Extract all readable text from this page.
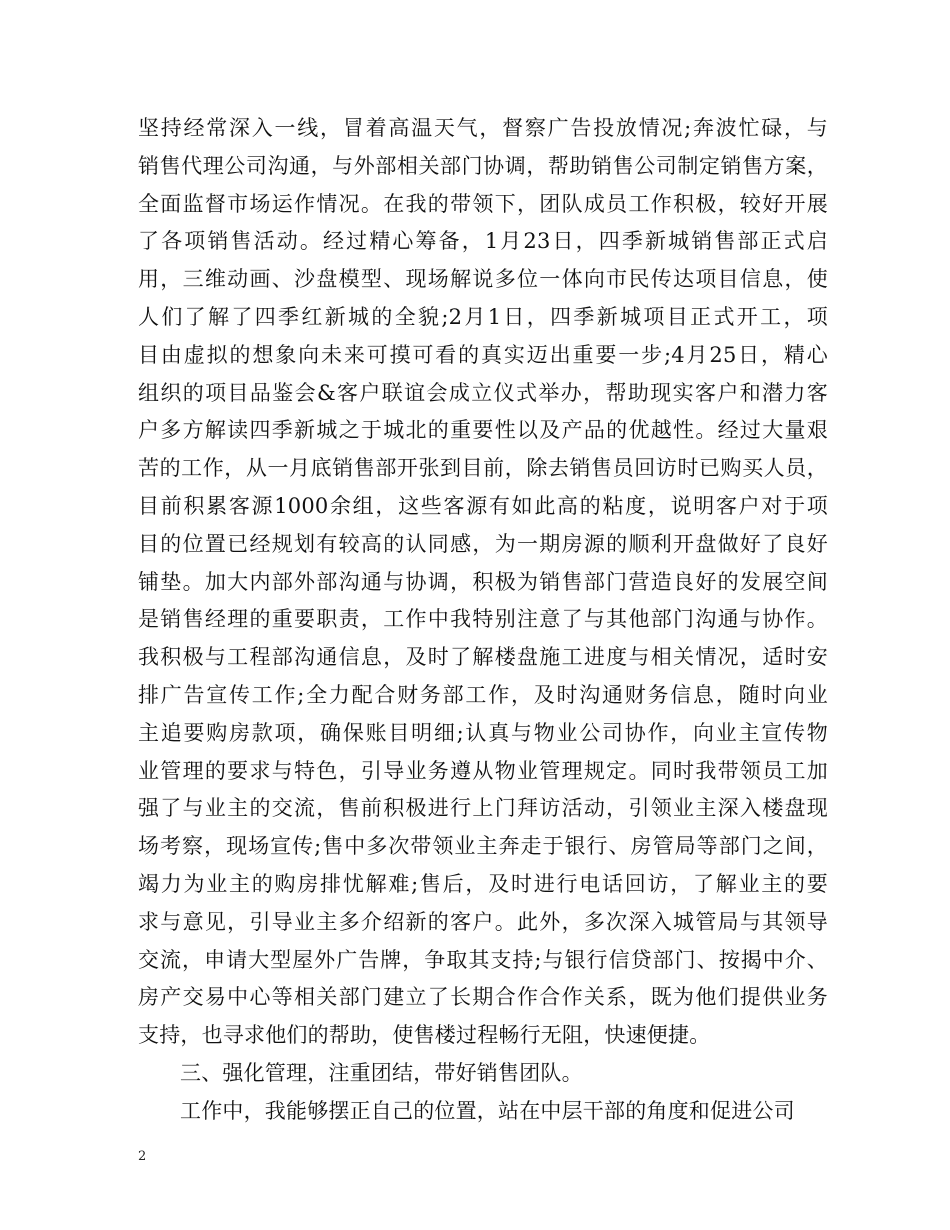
坚持经常深入一线，冒着高温天气，督察广告投放情况;奔波忙碌，与
销售代理公司沟通，与外部相关部门协调，帮助销售公司制定销售方案，
全面监督市场运作情况。在我的带领下，团队成员工作积极，较好开展
了各项销售活动。经过精心筹备，1月23日，四季新城销售部正式启
用，三维动画、沙盘模型、现场解说多位一体向市民传达项目信息，使
人们了解了四季红新城的全貌;2月1日，四季新城项目正式开工，项
目由虚拟的想象向未来可摸可看的真实迈出重要一步;4月25日，精心
组织的项目品鉴会&客户联谊会成立仪式举办，帮助现实客户和潜力客
户多方解读四季新城之于城北的重要性以及产品的优越性。经过大量艰
苦的工作，从一月底销售部开张到目前，除去销售员回访时已购买人员，
目前积累客源1000余组，这些客源有如此高的粘度，说明客户对于项
目的位置已经规划有较高的认同感，为一期房源的顺利开盘做好了良好
铺垫。加大内部外部沟通与协调，积极为销售部门营造良好的发展空间
是销售经理的重要职责，工作中我特别注意了与其他部门沟通与协作。
我积极与工程部沟通信息，及时了解楼盘施工进度与相关情况，适时安
排广告宣传工作;全力配合财务部工作，及时沟通财务信息，随时向业
主追要购房款项，确保账目明细;认真与物业公司协作，向业主宣传物
业管理的要求与特色，引导业务遵从物业管理规定。同时我带领员工加
强了与业主的交流，售前积极进行上门拜访活动，引领业主深入楼盘现
场考察，现场宣传;售中多次带领业主奔走于银行、房管局等部门之间，
竭力为业主的购房排忧解难;售后，及时进行电话回访，了解业主的要
求与意见，引导业主多介绍新的客户。此外，多次深入城管局与其领导
交流，申请大型屋外广告牌，争取其支持;与银行信贷部门、按揭中介、
房产交易中心等相关部门建立了长期合作合作关系，既为他们提供业务
支持，也寻求他们的帮助，使售楼过程畅行无阻，快速便捷。
三、强化管理，注重团结，带好销售团队。
工作中，我能够摆正自己的位置，站在中层干部的角度和促进公司
2
